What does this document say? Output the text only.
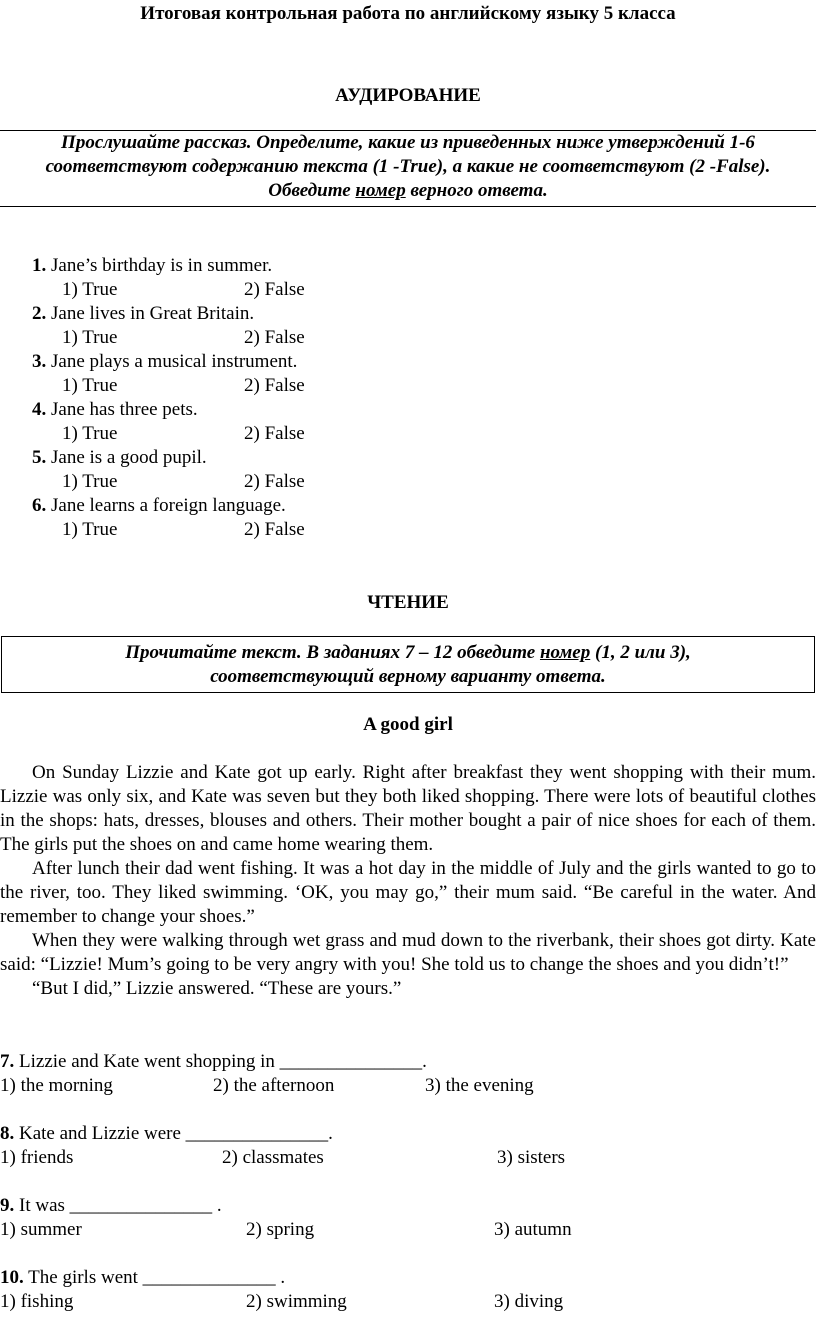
Итоговая контрольная работа по английскому языку 5 класса
АУДИРОВАНИЕ
Прослушайте рассказ. Определите, какие из приведенных ниже утверждений 1-6
соответствуют содержанию текста (1 -True), а какие не соответствуют (2 -False).
Обведите номер верного ответа.
1. Jane’s birthday is in summer.
1) True	2) False
2. Jane lives in Great Britain.
1) True	2) False
3. Jane plays a musical instrument.
1) True	2) False
4. Jane has three pets.
1) True	2) False
5. Jane is a good pupil.
1) True	2) False
6. Jane learns a foreign language.
1) True	2) False
ЧТЕНИЕ
Прочитайте текст. В заданиях 7 – 12 обведите номер (1, 2 или 3),
соответствующий верному варианту ответа.
A good girl

On Sunday Lizzie and Kate got up early. Right after breakfast they went shopping with their mum. Lizzie was only six, and Kate was seven but they both liked shopping. There were lots of beautiful clothes in the shops: hats, dresses, blouses and others. Their mother bought a pair of nice shoes for each of them. The girls put the shoes on and came home wearing them.

After lunch their dad went fishing. It was a hot day in the middle of July and the girls wanted to go to the river, too. They liked swimming. ‘OK, you may go,” their mum said. “Be careful in the water. And remember to change your shoes.”

When they were walking through wet grass and mud down to the riverbank, their shoes got dirty. Kate said: “Lizzie! Mum’s going to be very angry with you! She told us to change the shoes and you didn’t!”

“But I did,” Lizzie answered. “These are yours.”

7. Lizzie and Kate went shopping in _______________.
1) the morning	2) the afternoon	3) the evening
8. Kate and Lizzie were _______________.
1) friends	2) classmates	3) sisters
9. It was _______________ .
1) summer	2) spring	3) autumn
10. The girls went ______________ .
1) fishing	2) swimming	3) diving
